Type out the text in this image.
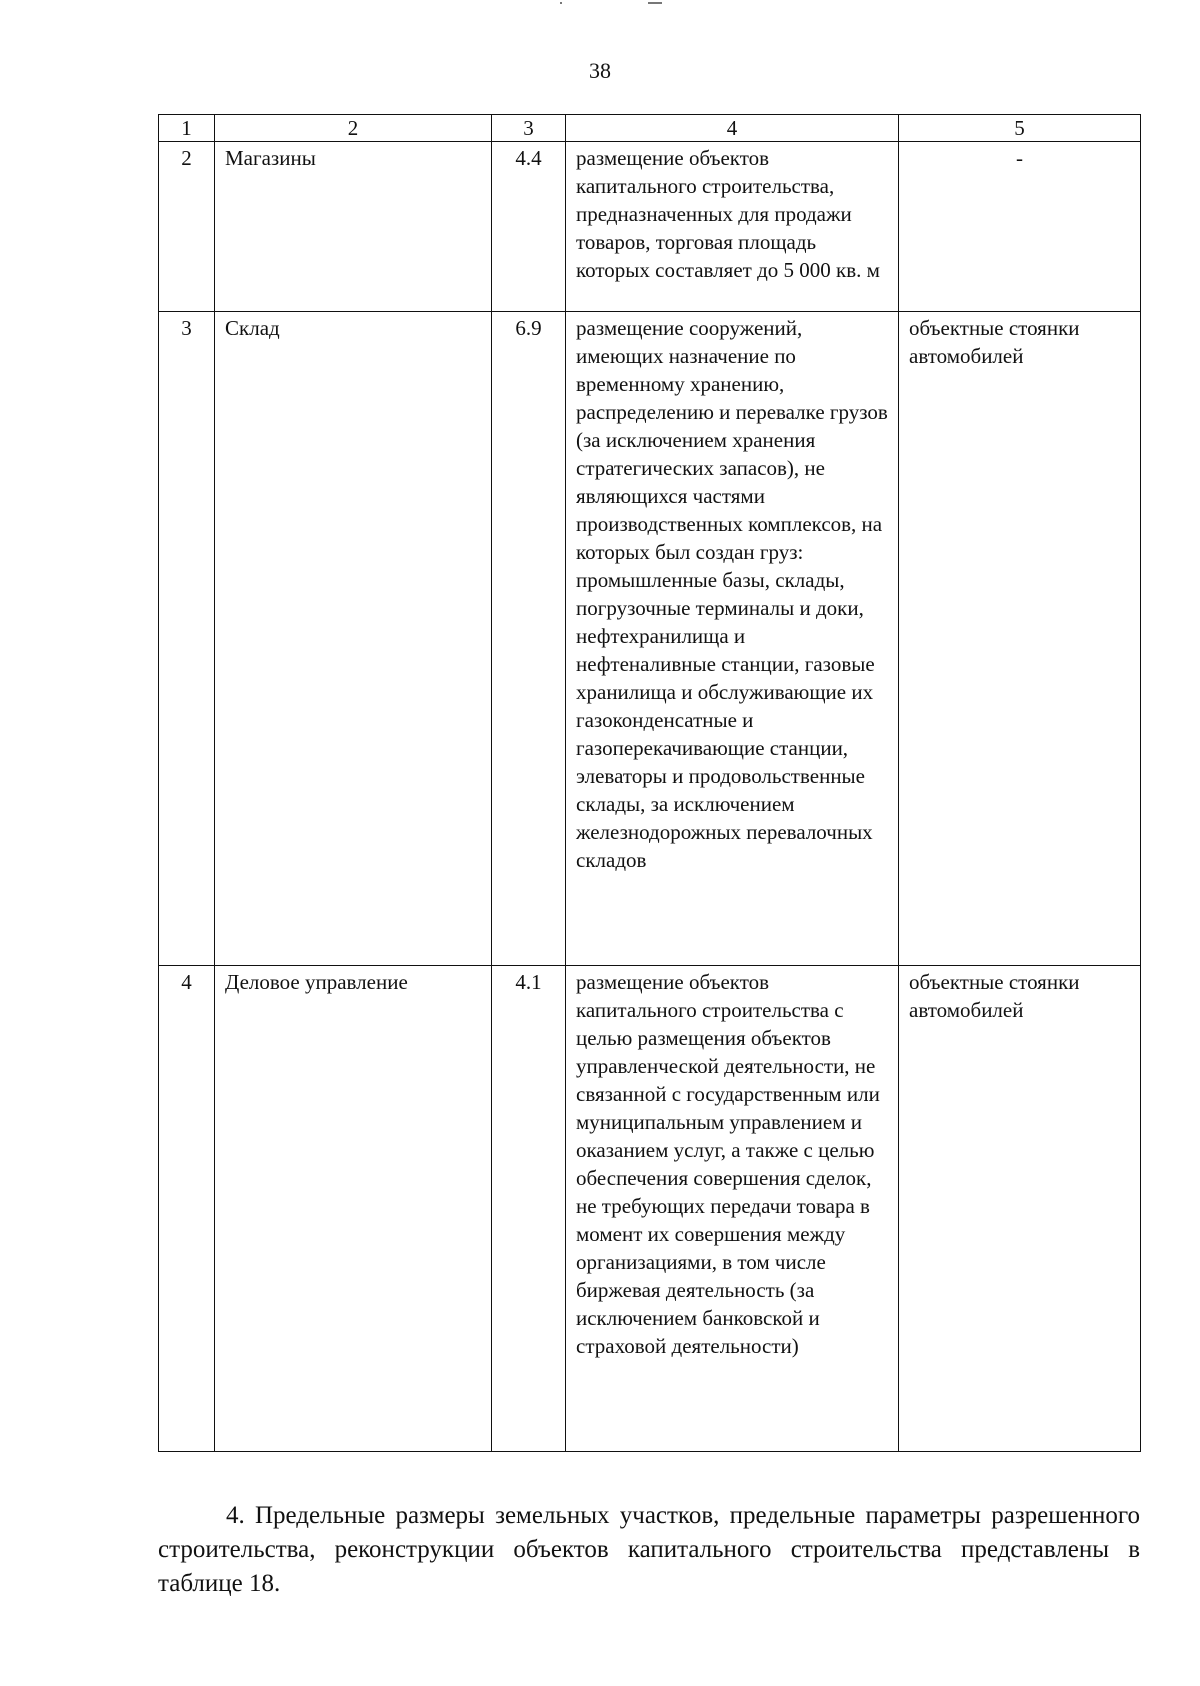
38
1	2	3	4	5
2	Магазины	4.4	размещение объектов капитального строительства, предназначенных для продажи товаров, торговая площадь которых составляет до 5 000 кв. м	-
3	Склад	6.9	размещение сооружений, имеющих назначение по временному хранению, распределению и перевалке грузов (за исключением хранения стратегических запасов), не являющихся частями производственных комплексов, на которых был создан груз: промышленные базы, склады, погрузочные терминалы и доки, нефтехранилища и нефтеналивные станции, газовые хранилища и обслуживающие их газоконденсатные и газоперекачивающие станции, элеваторы и продовольственные склады, за исключением железнодорожных перевалочных складов	объектные стоянки автомобилей
4	Деловое управление	4.1	размещение объектов капитального строительства с целью размещения объектов управленческой деятельности, не связанной с государственным или муниципальным управлением и оказанием услуг, а также с целью обеспечения совершения сделок, не требующих передачи товара в момент их совершения между организациями, в том числе биржевая деятельность (за исключением банковской и страховой деятельности)	объектные стоянки автомобилей

4. Предельные размеры земельных участков, предельные параметры разрешенного строительства, реконструкции объектов капитального строительства представлены в таблице 18.
